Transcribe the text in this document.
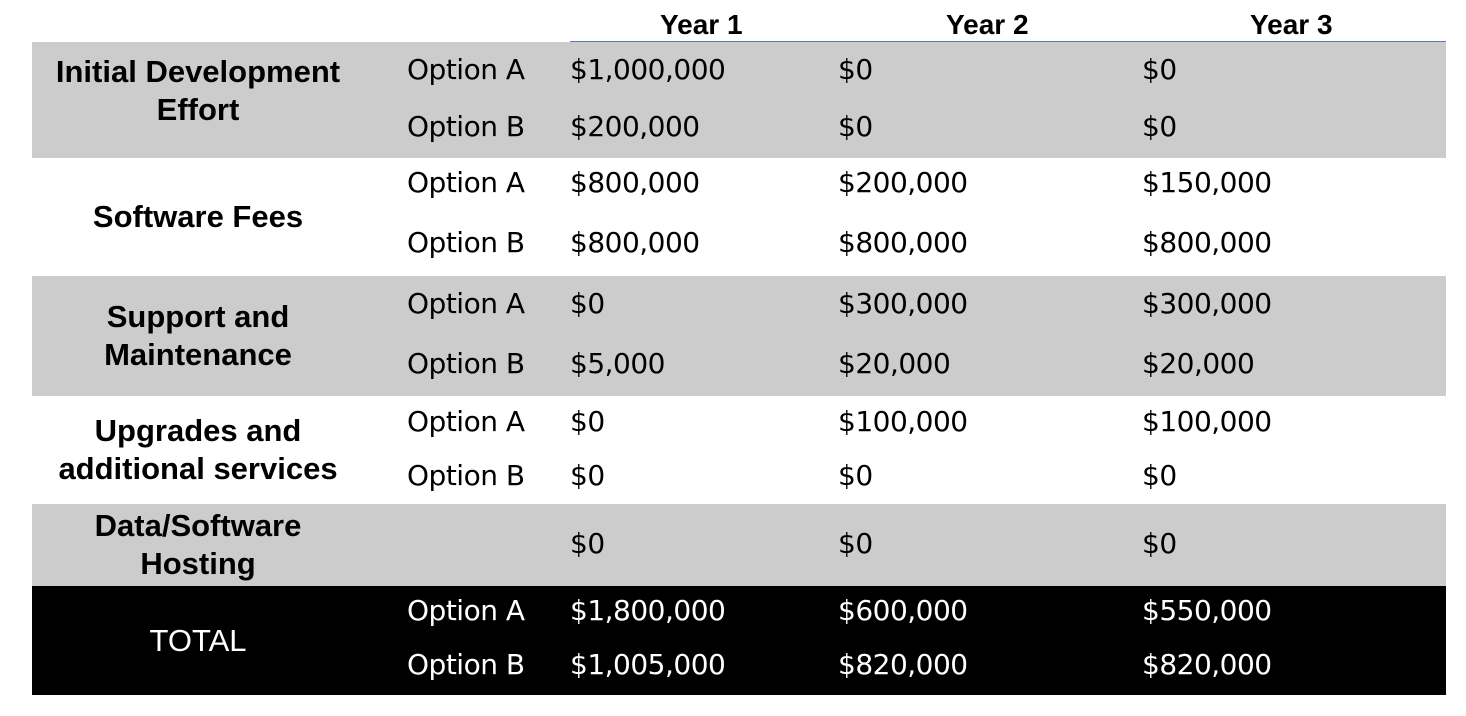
Year 1	Year 2	Year 3
Initial Development Effort
Option A $1,000,000	$0	$0
Option B $200,000	$0	$0
Software Fees
Option A $800,000	$200,000	$150,000
Option B $800,000	$800,000	$800,000
Support and Maintenance
Option A $0	$300,000	$300,000
Option B $5,000	$20,000	$20,000
Upgrades and additional services
Option A $0	$100,000	$100,000
Option B $0	$0	$0
Data/Software Hosting
$0	$0	$0
TOTAL
Option A $1,800,000	$600,000	$550,000
Option B $1,005,000	$820,000	$820,000
